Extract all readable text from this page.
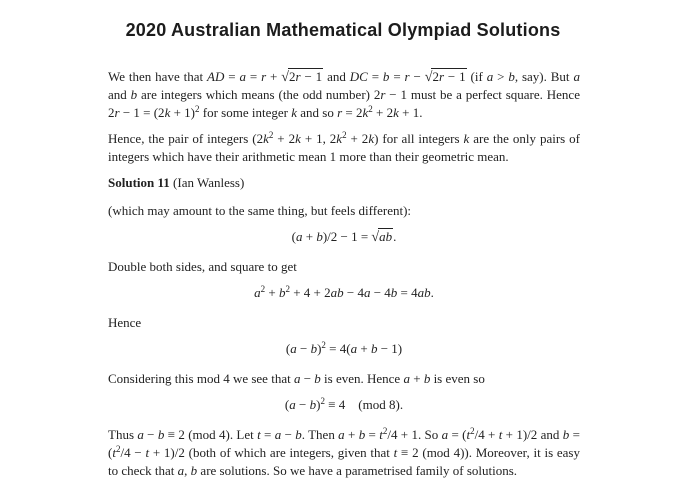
2020 Australian Mathematical Olympiad Solutions
We then have that AD = a = r + √2r − 1 and DC = b = r − √2r − 1 (if a > b, say). But a and b are integers which means (the odd number) 2r − 1 must be a perfect square. Hence 2r − 1 = (2k + 1)2 for some integer k and so r = 2k2 + 2k + 1.
Hence, the pair of integers (2k2 + 2k + 1, 2k2 + 2k) for all integers k are the only pairs of integers which have their arithmetic mean 1 more than their geometric mean.
Solution 11 (Ian Wanless)
(which may amount to the same thing, but feels different):
(a + b)/2 − 1 = √ab.
Double both sides, and square to get
a2 + b2 + 4 + 2ab − 4a − 4b = 4ab.
Hence
(a − b)2 = 4(a + b − 1)
Considering this mod 4 we see that a − b is even. Hence a + b is even so
(a − b)2 ≡ 4 (mod 8).
Thus a − b ≡ 2 (mod 4). Let t = a − b. Then a + b = t2/4 + 1. So a = (t2/4 + t + 1)/2 and b = (t2/4 − t + 1)/2 (both of which are integers, given that t ≡ 2 (mod 4)). Moreover, it is easy to check that a, b are solutions. So we have a parametrised family of solutions.
